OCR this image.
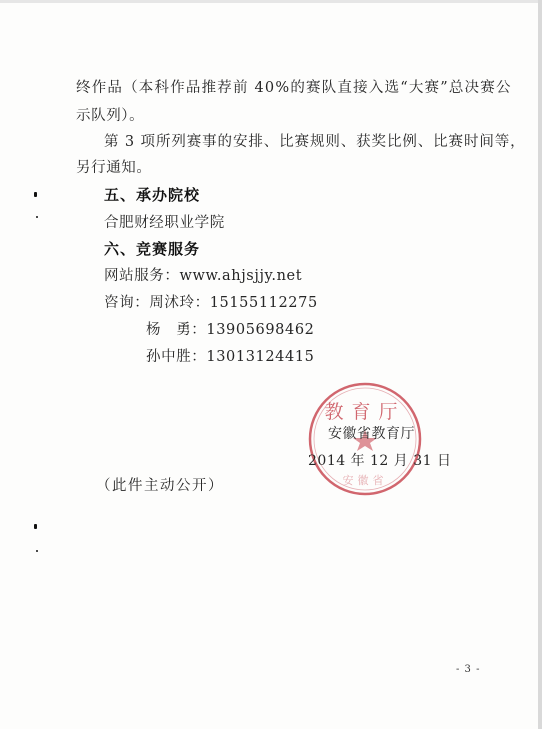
终作品（本科作品推荐前 40%的赛队直接入选“大赛”总决赛公
示队列）。
第 3 项所列赛事的安排、比赛规则、获奖比例、比赛时间等，
另行通知。
五、承办院校
合肥财经职业学院
六、竞赛服务
网站服务：www.ahjsjjy.net
咨询：周沭玲：15155112275
杨　勇：13905698462
孙中胜：13013124415
教育厅
安徽省
安徽省教育厅
2014 年 12 月 31 日
（此件主动公开）
- 3 -
